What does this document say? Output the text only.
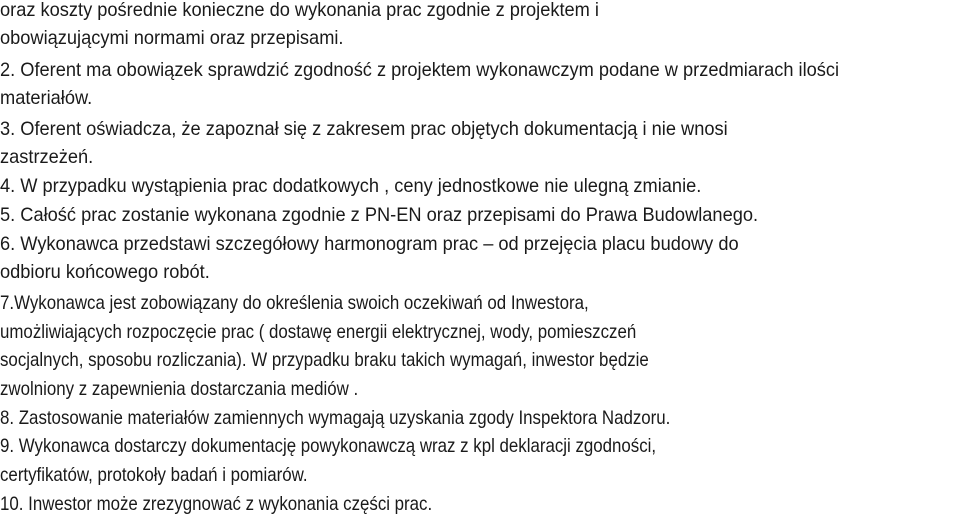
oraz koszty pośrednie konieczne do wykonania prac zgodnie z projektem i

obowiązującymi normami oraz przepisami.

2. Oferent ma obowiązek sprawdzić zgodność z projektem wykonawczym podane w przedmiarach ilości

materiałów.

3. Oferent oświadcza, że zapoznał się z zakresem prac objętych dokumentacją i nie wnosi

zastrzeżeń.

4. W przypadku wystąpienia prac dodatkowych , ceny jednostkowe nie ulegną zmianie.

5. Całość prac zostanie wykonana zgodnie z PN-EN oraz przepisami do Prawa Budowlanego.

6. Wykonawca przedstawi szczegółowy harmonogram prac – od przejęcia placu budowy do

odbioru końcowego robót.

7.Wykonawca jest zobowiązany do określenia swoich oczekiwań od Inwestora,

umożliwiających rozpoczęcie prac ( dostawę energii elektrycznej, wody, pomieszczeń

socjalnych, sposobu rozliczania). W przypadku braku takich wymagań, inwestor będzie

zwolniony z zapewnienia dostarczania mediów .

8. Zastosowanie materiałów zamiennych wymagają uzyskania zgody Inspektora Nadzoru.

9. Wykonawca dostarczy dokumentację powykonawczą wraz z kpl deklaracji zgodności,

certyfikatów, protokoły badań i pomiarów.

10. Inwestor może zrezygnować z wykonania części prac.
